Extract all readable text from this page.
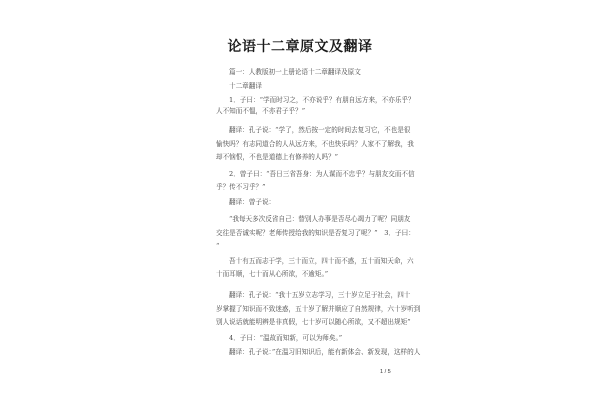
论语十二章原文及翻译
篇一：人教版初一上册论语十二章翻译及原文
十二章翻译
1．子曰：“学而时习之，不亦说乎？有朋自远方来，不亦乐乎？
人不知而不愠，不亦君子乎？”
翻译：孔子说：“学了，然后按一定的时间去复习它，不也是很
愉快吗？有志同道合的人从远方来，不也快乐吗？人家不了解我，我
却不恼恨，不也是道德上有修养的人吗？”
2．曾子曰：“吾日三省吾身：为人谋而不忠乎？与朋友交而不信
乎？传不习乎？”
翻译：曾子说：
“我每天多次反省自己：替别人办事是否尽心竭力了呢？同朋友
交往是否诚实呢？老师传授给我的知识是否复习了呢？”　3．子曰：
“
吾十有五而志于学，三十而立，四十而不惑，五十而知天命，六
十而耳顺，七十而从心所欲，不逾矩。”
翻译：孔子说：“我十五岁立志学习，三十岁立足于社会，四十
岁掌握了知识而不致迷惑，五十岁了解并顺应了自然规律，六十岁听到
别人说话就能明辨是非真假，七十岁可以随心所欲，又不超出规矩”
4．子曰：“温故而知新，可以为师矣。”
翻译：孔子说：”在温习旧知识后，能有新体会、新发现，这样的人
1 / 5
